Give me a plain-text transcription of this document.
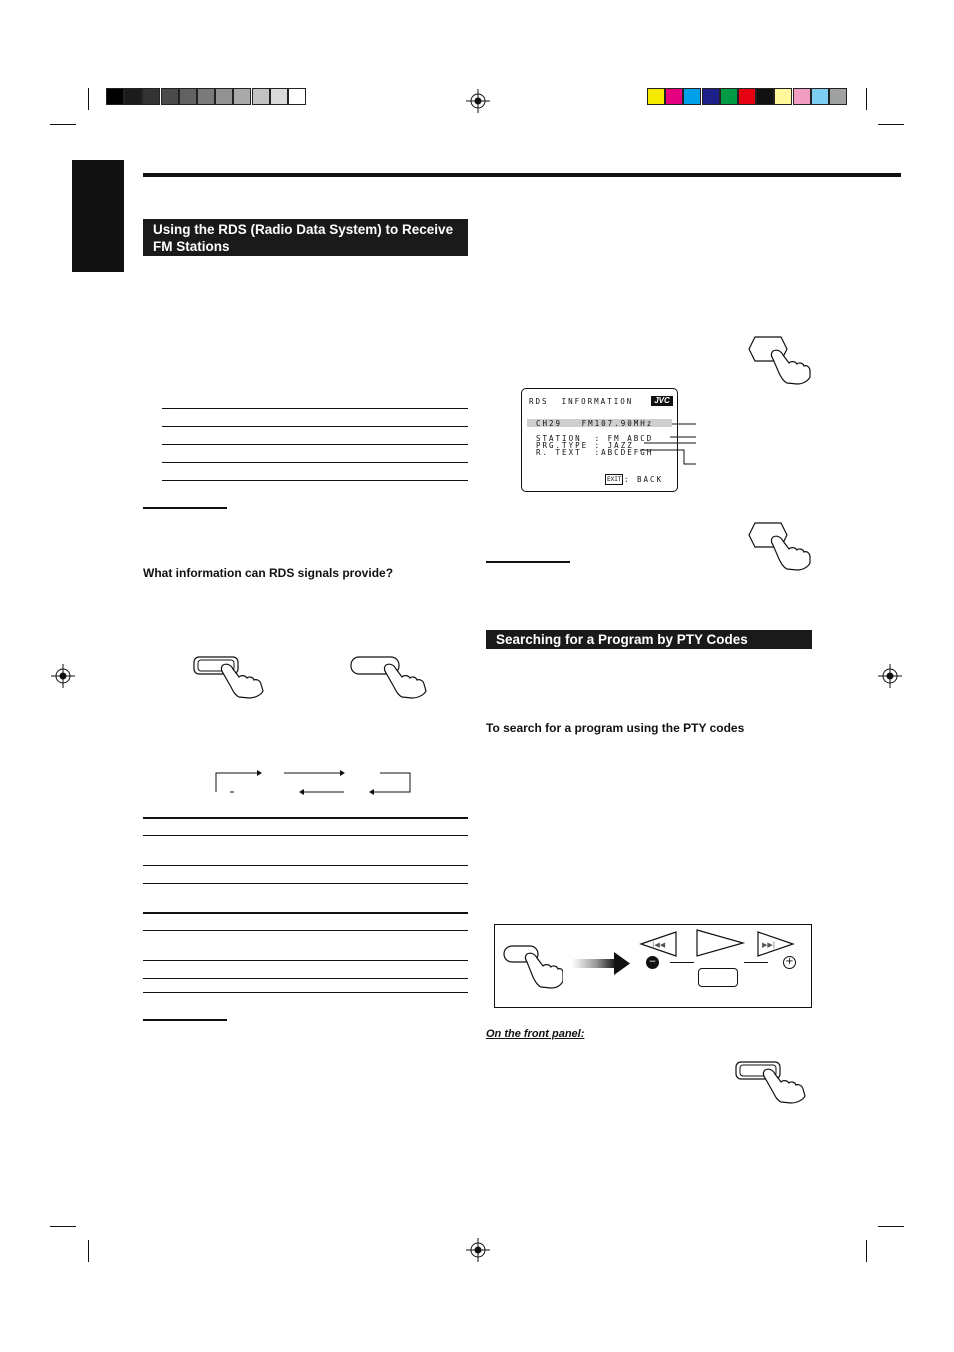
Using the RDS (Radio Data System) to Receive FM Stations
What information can RDS signals provide?
RDS  INFORMATION	JVC
CH29   FM107.90MHz
STATION  : FM ABCD
PRG.TYPE : JAZZ
R. TEXT  :ABCDEFGH
EXIT : BACK
Searching for a Program by PTY Codes
To search for a program using the PTY codes
|◀◀	▶▶|
−	+
On the front panel:
